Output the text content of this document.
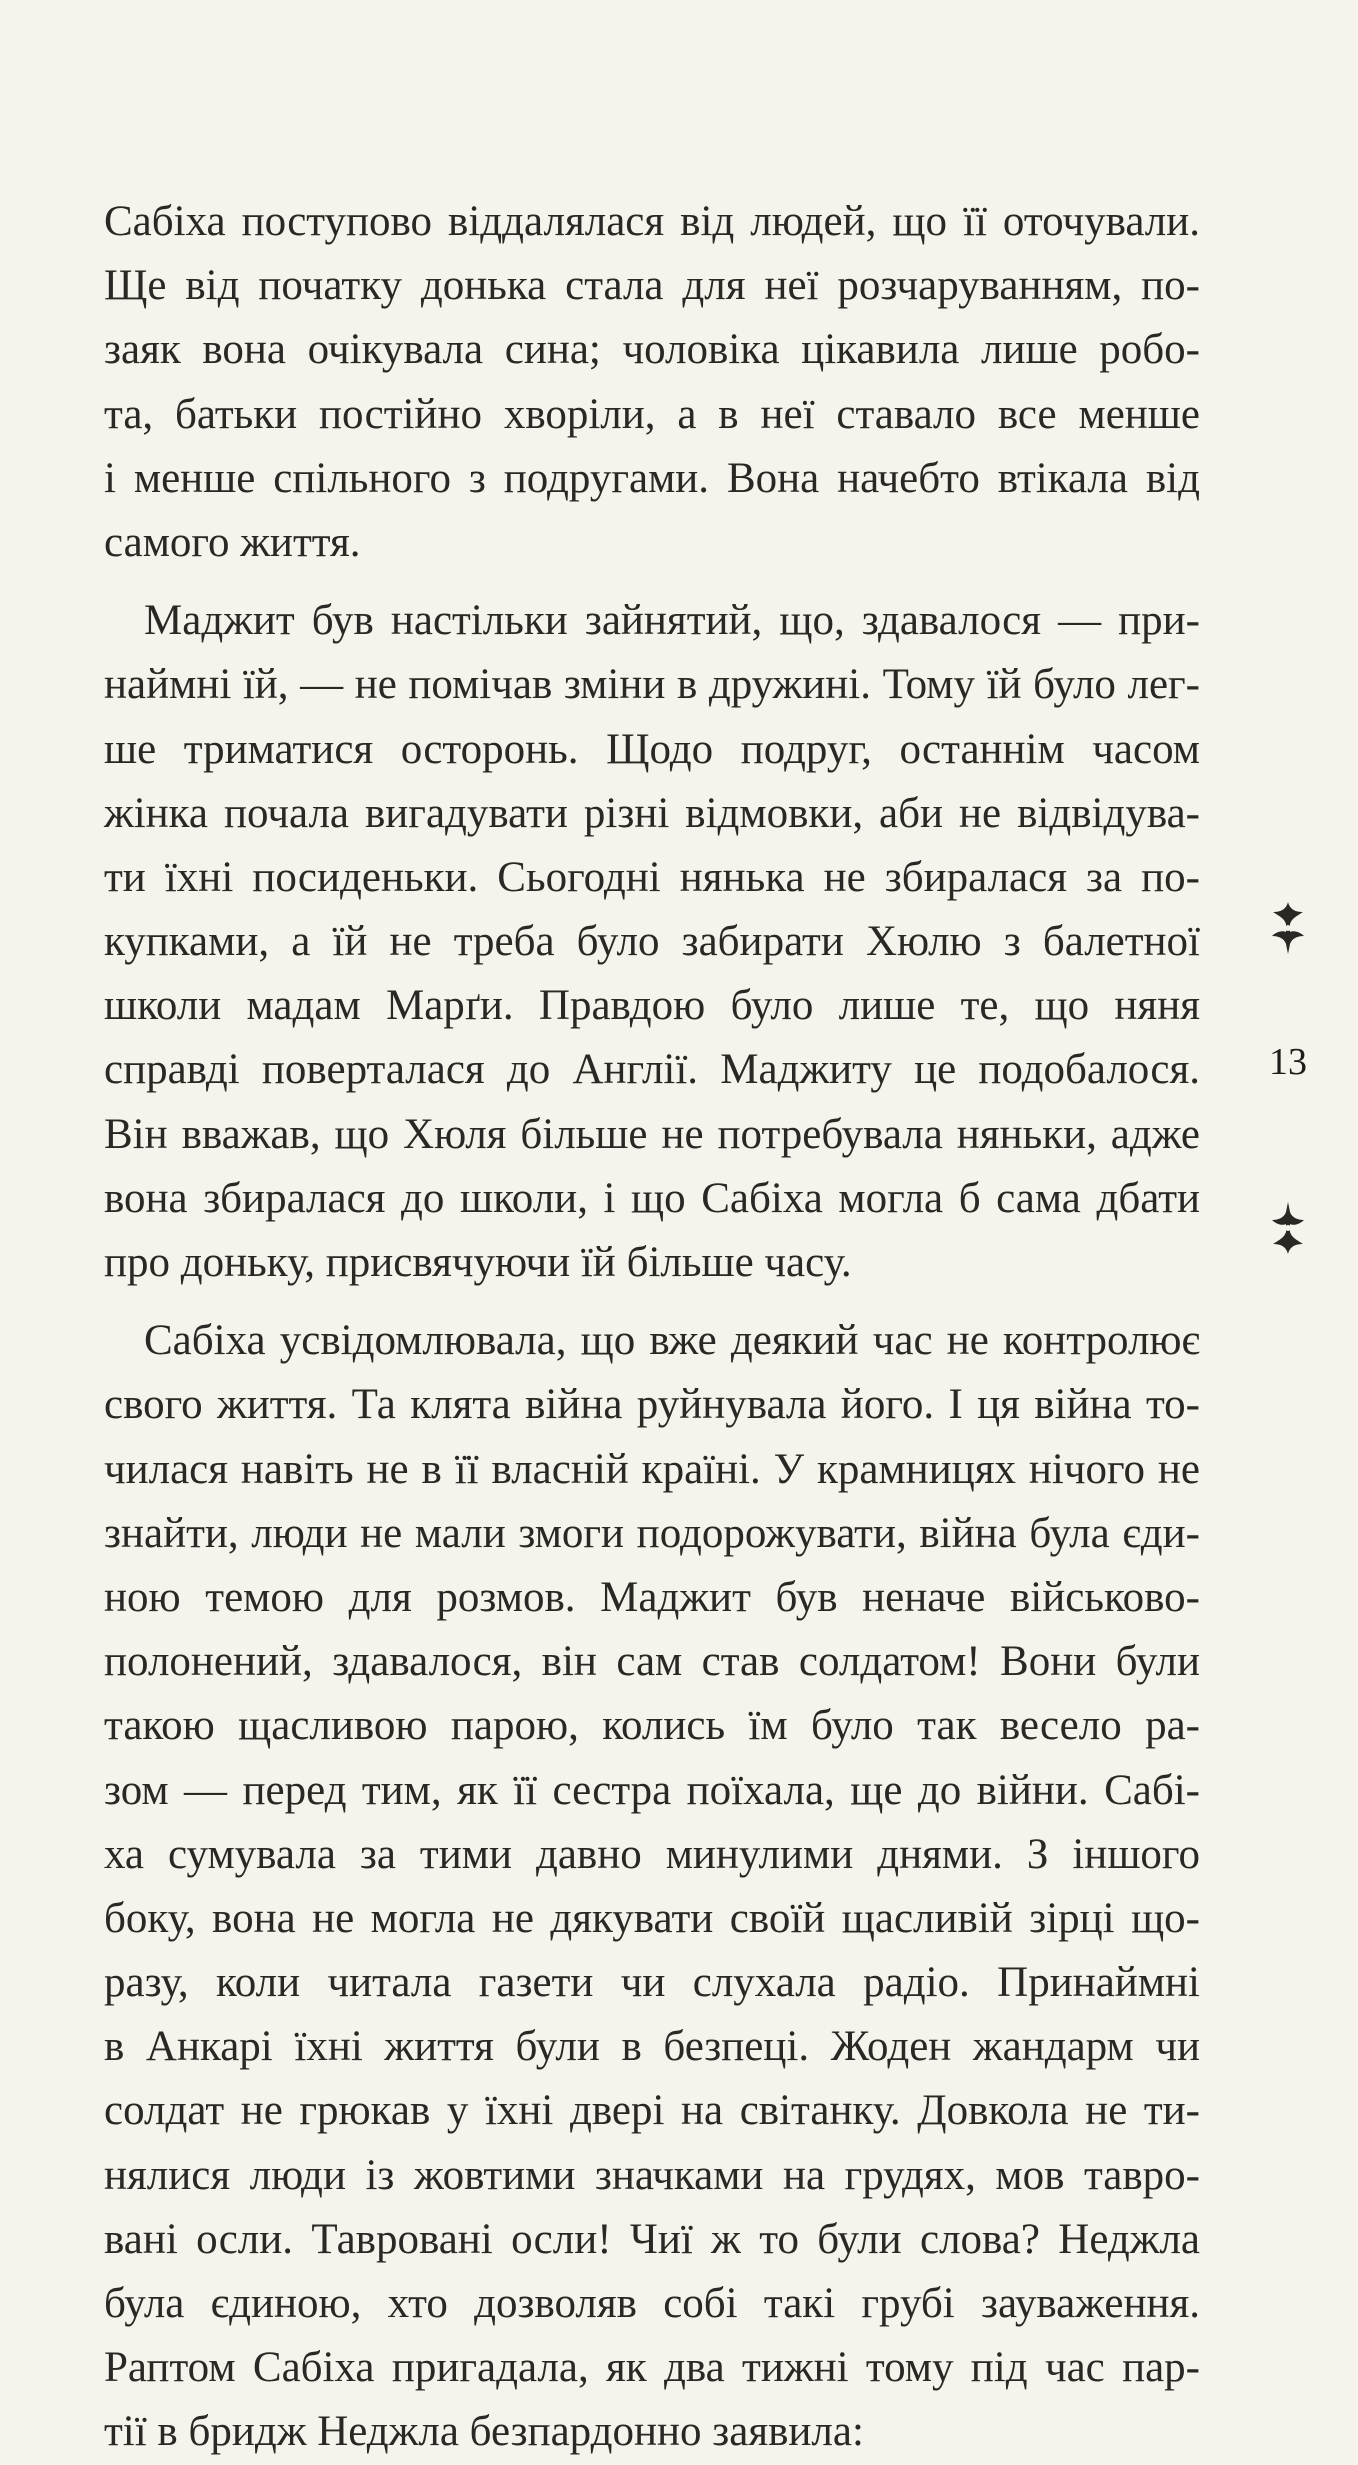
Сабіха поступово віддалялася від людей, що її оточували.
Ще від початку донька стала для неї розчаруванням, по-
заяк вона очікувала сина; чоловіка цікавила лише робо-
та, батьки постійно хворіли, а в неї ставало все менше
і менше спільного з подругами. Вона начебто втікала від
самого життя.
Маджит був настільки зайнятий, що, здавалося — при-
наймні їй, — не помічав зміни в дружині. Тому їй було лег-
ше триматися осторонь. Щодо подруг, останнім часом
жінка почала вигадувати різні відмовки, аби не відвідува-
ти їхні посиденьки. Сьогодні нянька не збиралася за по-
купками, а їй не треба було забирати Хюлю з балетної
школи мадам Марґи. Правдою було лише те, що няня
справді поверталася до Англії. Маджиту це подобалося.
Він вважав, що Хюля більше не потребувала няньки, адже
вона збиралася до школи, і що Сабіха могла б сама дбати
про доньку, присвячуючи їй більше часу.
Сабіха усвідомлювала, що вже деякий час не контролює
свого життя. Та клята війна руйнувала його. І ця війна то-
чилася навіть не в її власній країні. У крамницях нічого не
знайти, люди не мали змоги подорожувати, війна була єди-
ною темою для розмов. Маджит був неначе військово-
полонений, здавалося, він сам став солдатом! Вони були
такою щасливою парою, колись їм було так весело ра-
зом — перед тим, як її сестра поїхала, ще до війни. Сабі-
ха сумувала за тими давно минулими днями. З іншого
боку, вона не могла не дякувати своїй щасливій зірці що-
разу, коли читала газети чи слухала радіо. Принаймні
в Анкарі їхні життя були в безпеці. Жоден жандарм чи
солдат не грюкав у їхні двері на світанку. Довкола не ти-
нялися люди із жовтими значками на грудях, мов тавро-
вані осли. Тавровані осли! Чиї ж то були слова? Неджла
була єдиною, хто дозволяв собі такі грубі зауваження.
Раптом Сабіха пригадала, як два тижні тому під час пар-
тії в бридж Неджла безпардонно заявила:
13
